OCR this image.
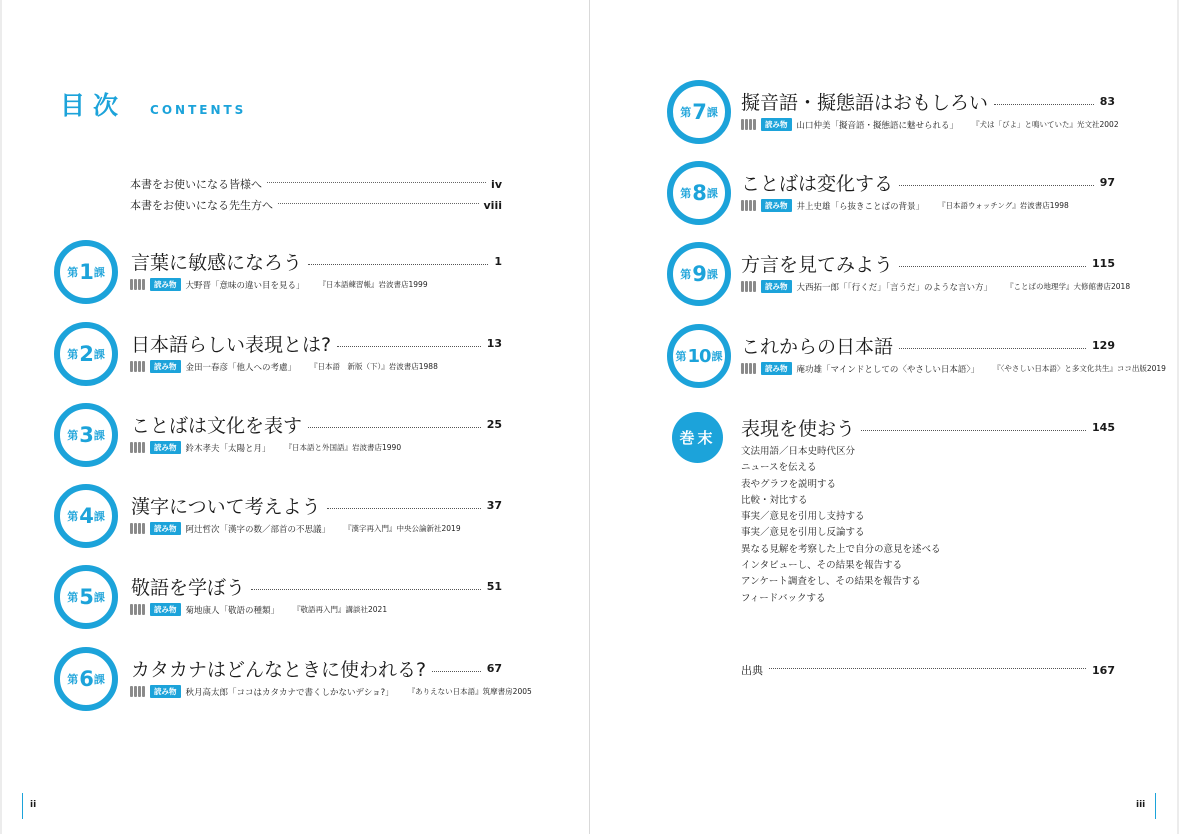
目次 CONTENTS
本書をお使いになる皆様へ	iv
本書をお使いになる先生方へ	viii
第 1 課 言葉に敏感になろう	1
読み物	大野晋「意味の違い目を見る」 『日本語練習帳』岩波書店1999
第 2 課 日本語らしい表現とは?	13
読み物	金田一春彦「他人への考慮」 『日本語　新版（下）』岩波書店1988
第 3 課 ことばは文化を表す	25
読み物	鈴木孝夫「太陽と月」 『日本語と外国語』岩波書店1990
第 4 課 漢字について考えよう	37
読み物	阿辻哲次「漢字の数／部首の不思議」 『漢字再入門』中央公論新社2019
第 5 課 敬語を学ぼう	51
読み物	菊地康人「敬語の種類」 『敬語再入門』講談社2021
第 6 課 カタカナはどんなときに使われる?	67
読み物	秋月高太郎「ココはカタカナで書くしかないデショ?」 『ありえない日本語』筑摩書房2005
第 7 課 擬音語・擬態語はおもしろい	83
読み物	山口仲美「擬音語・擬態語に魅せられる」 『犬は「びよ」と鳴いていた』光文社2002
第 8 課 ことばは変化する	97
読み物	井上史雄「ら抜きことばの背景」 『日本語ウォッチング』岩波書店1998
第 9 課 方言を見てみよう	115
読み物	大西拓一郎「「行くだ」「言うだ」のような言い方」 『ことばの地理学』大修館書店2018
第 10 課 これからの日本語	129
読み物	庵功雄「マインドとしての〈やさしい日本語〉」 『〈やさしい日本語〉と多文化共生』ココ出版2019
巻末	表現を使おう	145
文法用語／日本史時代区分
ニュースを伝える
表やグラフを説明する
比較・対比する
事実／意見を引用し支持する
事実／意見を引用し反論する
異なる見解を考察した上で自分の意見を述べる
インタビューし、その結果を報告する
アンケート調査をし、その結果を報告する
フィードバックする
出典	167
ii	iii
